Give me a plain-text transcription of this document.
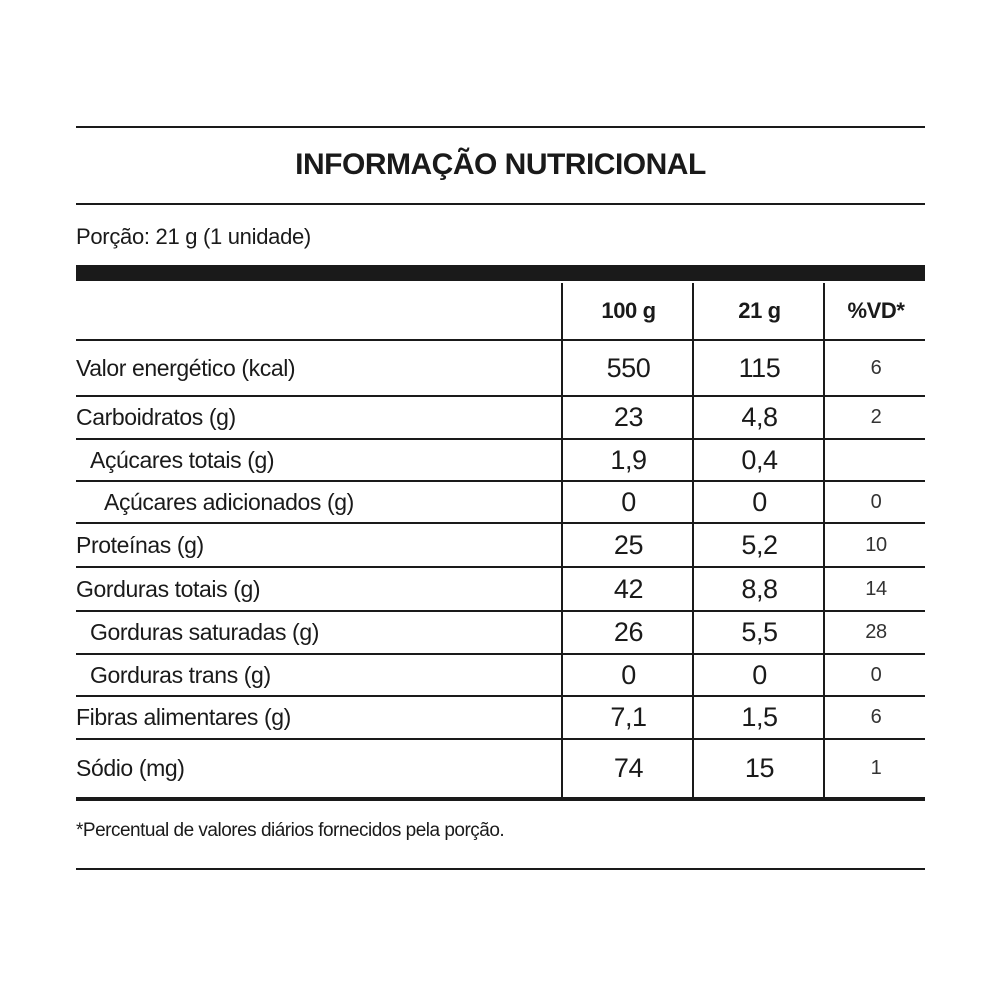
INFORMAÇÃO NUTRICIONAL
Porção: 21 g (1 unidade)
100 g	21 g	%VD*
Valor energético (kcal)	550	115	6
Carboidratos (g)	23	4,8	2
Açúcares totais (g)	1,9	0,4
Açúcares adicionados (g)	0	0	0
Proteínas (g)	25	5,2	10
Gorduras totais (g)	42	8,8	14
Gorduras saturadas (g)	26	5,5	28
Gorduras trans (g)	0	0	0
Fibras alimentares (g)	7,1	1,5	6
Sódio (mg)	74	15	1
*Percentual de valores diários fornecidos pela porção.
